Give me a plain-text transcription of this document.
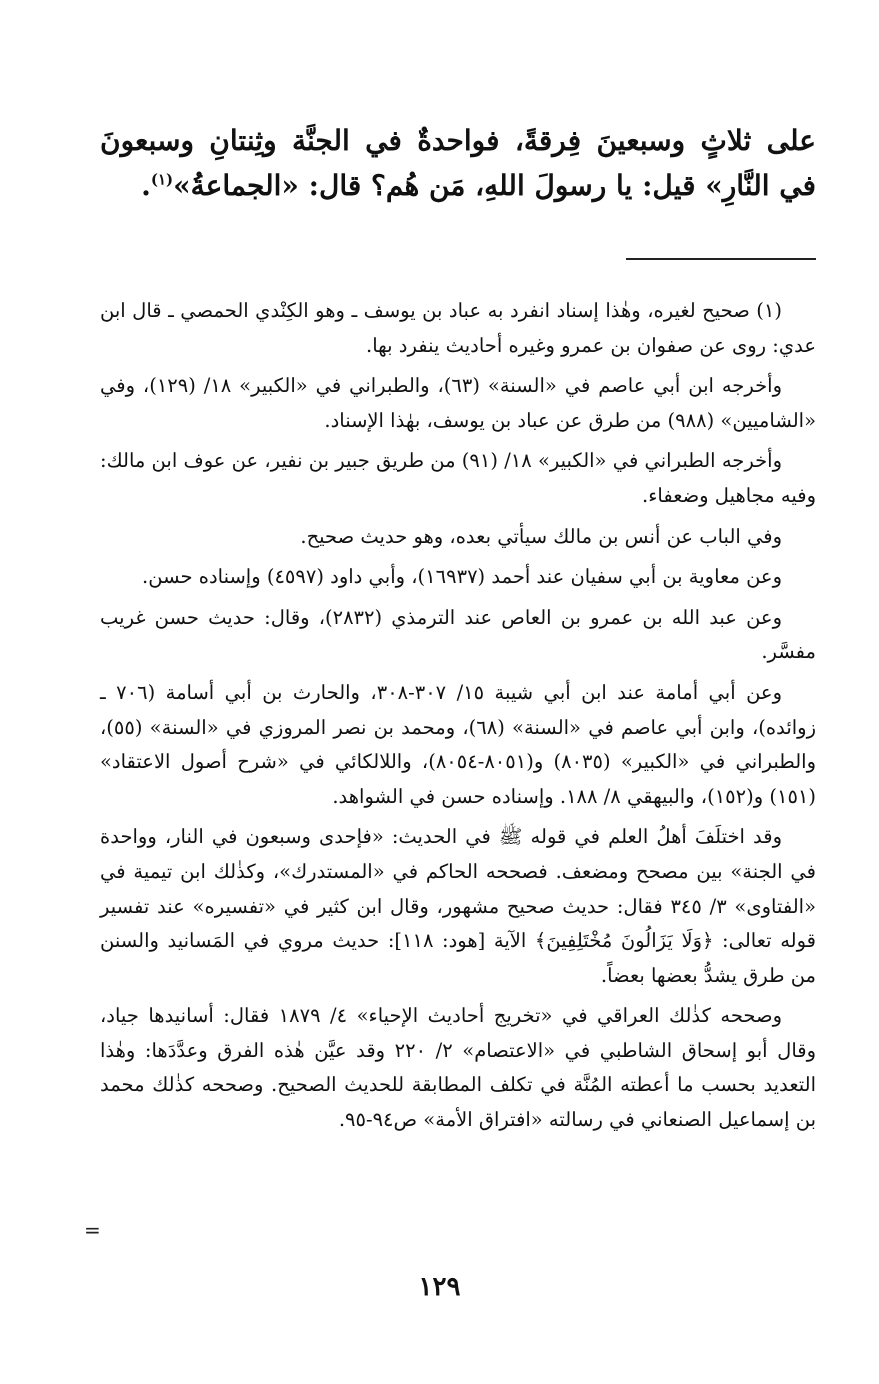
على ثلاثٍ وسبعينَ فِرقةً، فواحدةٌ في الجنَّة وثِنتانِ وسبعونَ في النَّارِ» قيل: يا رسولَ اللهِ، مَن هُم؟ قال: «الجماعةُ»$^{(١)}$.

(١) صحيح لغيره، وهٰذا إسناد انفرد به عباد بن يوسف ـ وهو الكِنْدي الحمصي ـ قال ابن عدي: روى عن صفوان بن عمرو وغيره أحاديث ينفرد بها.

وأخرجه ابن أبي عاصم في «السنة» (٦٣)، والطبراني في «الكبير» ١٨/ (١٢٩)، وفي «الشاميين» (٩٨٨) من طرق عن عباد بن يوسف، بهٰذا الإسناد.

وأخرجه الطبراني في «الكبير» ١٨/ (٩١) من طريق جبير بن نفير، عن عوف ابن مالك: وفيه مجاهيل وضعفاء.

وفي الباب عن أنس بن مالك سيأتي بعده، وهو حديث صحيح.

وعن معاوية بن أبي سفيان عند أحمد (١٦٩٣٧)، وأبي داود (٤٥٩٧) وإسناده حسن.

وعن عبد الله بن عمرو بن العاص عند الترمذي (٢٨٣٢)، وقال: حديث حسن غريب مفسَّر.

وعن أبي أمامة عند ابن أبي شيبة ١٥/ ٣٠٧-٣٠٨، والحارث بن أبي أسامة (٧٠٦ ـ زوائده)، وابن أبي عاصم في «السنة» (٦٨)، ومحمد بن نصر المروزي في «السنة» (٥٥)، والطبراني في «الكبير» (٨٠٣٥) و(٨٠٥١-٨٠٥٤)، واللالكائي في «شرح أصول الاعتقاد» (١٥١) و(١٥٢)، والبيهقي ٨/ ١٨٨. وإسناده حسن في الشواهد.

وقد اختلَفَ أهلُ العلم في قوله ﷺ في الحديث: «فإحدى وسبعون في النار، وواحدة في الجنة» بين مصحح ومضعف. فصححه الحاكم في «المستدرك»، وكذٰلك ابن تيمية في «الفتاوى» ٣/ ٣٤٥ فقال: حديث صحيح مشهور، وقال ابن كثير في «تفسيره» عند تفسير قوله تعالى: ﴿وَلَا يَزَالُونَ مُخْتَلِفِينَ﴾ الآية [هود: ١١٨]: حديث مروي في المَسانيد والسنن من طرق يشدُّ بعضها بعضاً.

وصححه كذٰلك العراقي في «تخريج أحاديث الإحياء» ٤/ ١٨٧٩ فقال: أسانيدها جياد، وقال أبو إسحاق الشاطبي في «الاعتصام» ٢/ ٢٢٠ وقد عيَّن هٰذه الفرق وعدَّدَها: وهٰذا التعديد بحسب ما أعطته المُنَّة في تكلف المطابقة للحديث الصحيح. وصححه كذٰلك محمد بن إسماعيل الصنعاني في رسالته «افتراق الأمة» ص٩٤-٩٥.

=
١٢٩
